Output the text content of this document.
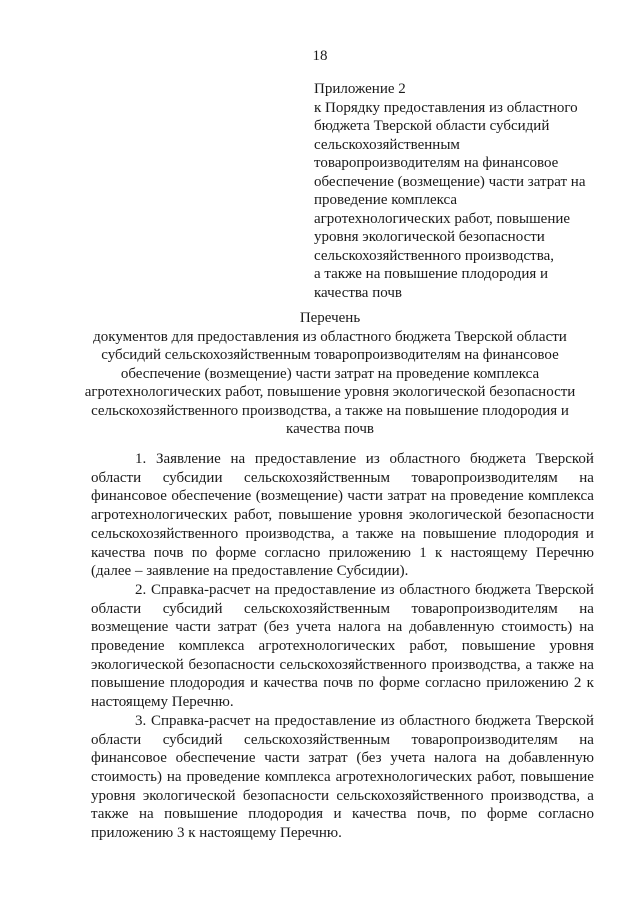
18
Приложение 2
к Порядку предоставления из областного
бюджета Тверской области субсидий
сельскохозяйственным
товаропроизводителям на финансовое
обеспечение (возмещение) части затрат на
проведение комплекса
агротехнологических работ, повышение
уровня экологической безопасности
сельскохозяйственного производства,
а также на повышение плодородия и
качества почв
Перечень
документов для предоставления из областного бюджета Тверской области
субсидий сельскохозяйственным товаропроизводителям на финансовое
обеспечение (возмещение) части затрат на проведение комплекса
агротехнологических работ, повышение уровня экологической безопасности
сельскохозяйственного производства, а также на повышение плодородия и
качества почв
1. Заявление на предоставление из областного бюджета Тверской
области субсидии сельскохозяйственным товаропроизводителям на
финансовое обеспечение (возмещение) части затрат на проведение комплекса
агротехнологических работ, повышение уровня экологической безопасности
сельскохозяйственного производства, а также на повышение плодородия и
качества почв по форме согласно приложению 1 к настоящему Перечню
(далее – заявление на предоставление Субсидии).
2. Справка-расчет на предоставление из областного бюджета Тверской
области субсидий сельскохозяйственным товаропроизводителям на
возмещение части затрат (без учета налога на добавленную стоимость) на
проведение комплекса агротехнологических работ, повышение уровня
экологической безопасности сельскохозяйственного производства, а также на
повышение плодородия и качества почв по форме согласно приложению 2 к
настоящему Перечню.
3. Справка-расчет на предоставление из областного бюджета Тверской
области субсидий сельскохозяйственным товаропроизводителям на
финансовое обеспечение части затрат (без учета налога на добавленную
стоимость) на проведение комплекса агротехнологических работ, повышение
уровня экологической безопасности сельскохозяйственного производства, а
также на повышение плодородия и качества почв, по форме согласно
приложению 3 к настоящему Перечню.
